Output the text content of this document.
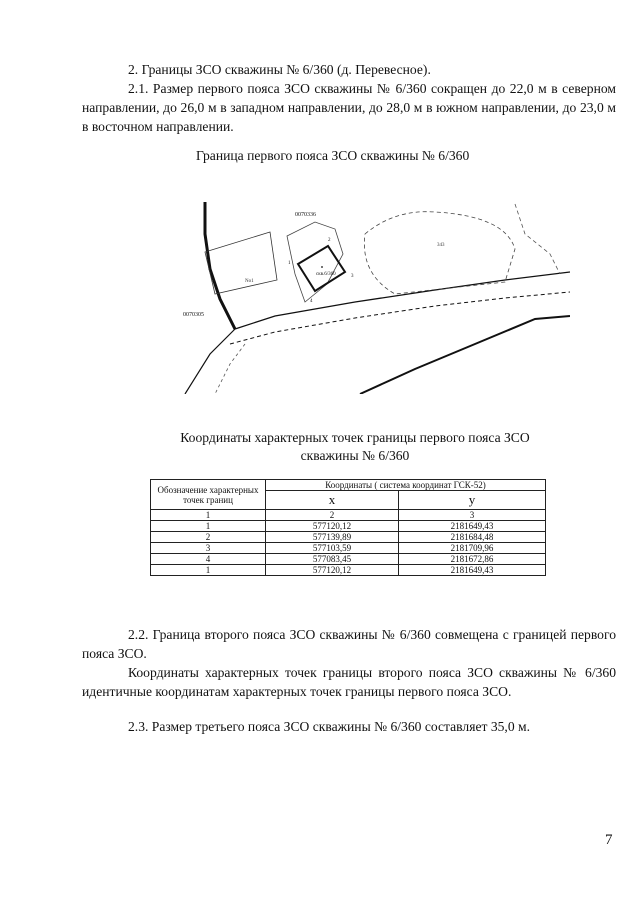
2. Границы ЗСО скважины № 6/360 (д. Перевесное).
2.1. Размер первого пояса ЗСО скважины № 6/360 сокращен до 22,0 м в северном направлении, до 26,0 м в западном направлении, до 28,0 м в южном направлении, до 23,0 м в восточном направлении.
Граница первого пояса ЗСО скважины № 6/360
No1
343
скв.6/360
1
2
3
4
0070336
0070305
Координаты характерных точек границы первого пояса ЗСО
скважины № 6/360
Обозначение характерных точек границ	Координаты ( система координат ГСК-52)	
	x	y
1	2	3
1	577120,12	2181649,43
2	577139,89	2181684,48
3	577103,59	2181709,96
4	577083,45	2181672,86
1	577120,12	2181649,43
2.2. Граница второго пояса ЗСО скважины № 6/360 совмещена с границей первого пояса ЗСО.
Координаты характерных точек границы второго пояса ЗСО скважины № 6/360 идентичные координатам характерных точек границы первого пояса ЗСО.
2.3. Размер третьего пояса ЗСО скважины № 6/360 составляет 35,0 м.
7
